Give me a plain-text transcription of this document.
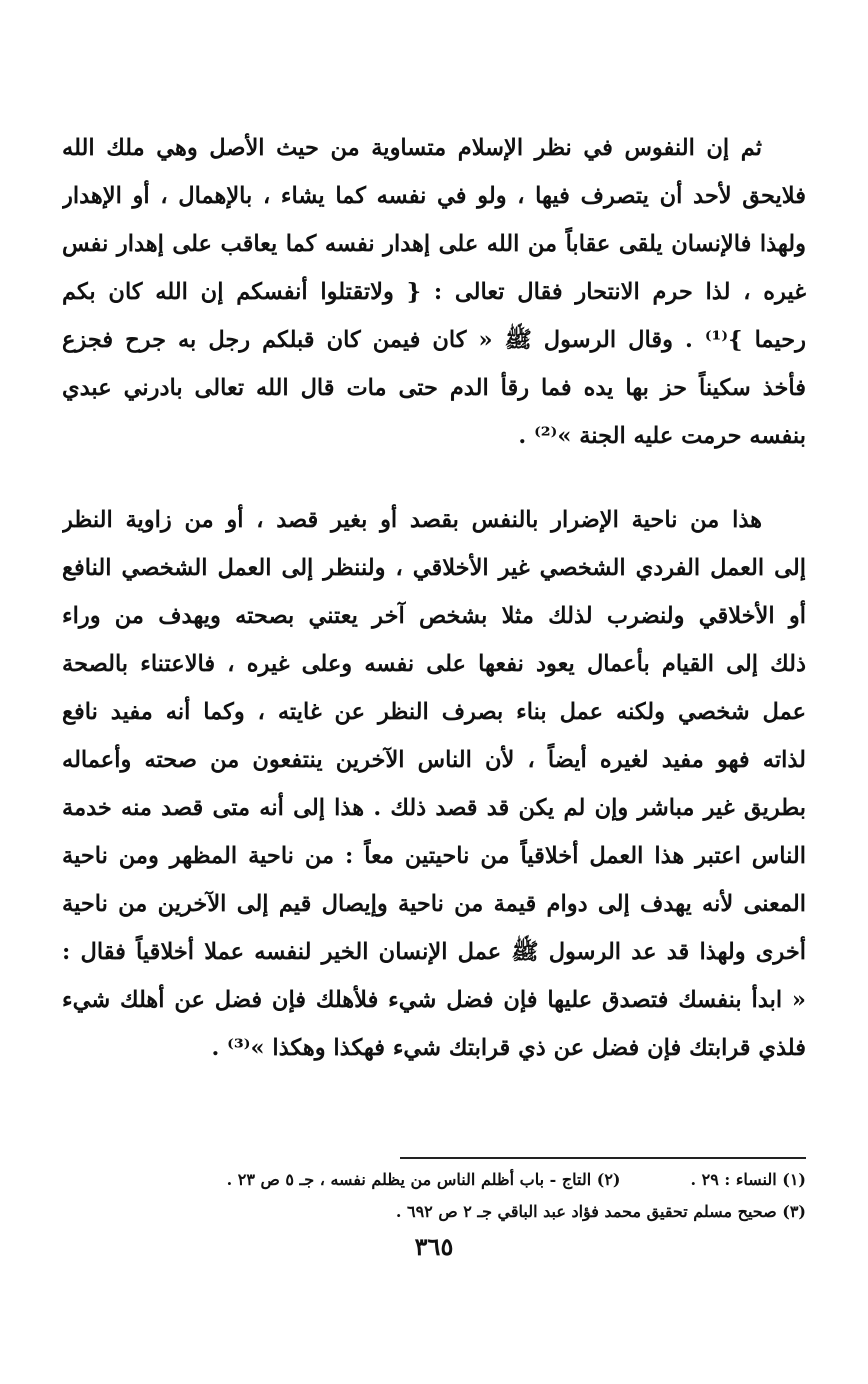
ثم إن النفوس في نظر الإسلام متساوية من حيث الأصل وهي ملك الله
فلايحق لأحد أن يتصرف فيها ، ولو في نفسه كما يشاء ، بالإهمال ، أو الإهدار
ولهذا فالإنسان يلقى عقاباً من الله على إهدار نفسه كما يعاقب على إهدار نفس
غيره ، لذا حرم الانتحار فقال تعالى : { ولاتقتلوا أنفسكم إن الله كان بكم
رحيما }⁽¹⁾ . وقال الرسول ﷺ « كان فيمن كان قبلكم رجل به جرح فجزع
فأخذ سكيناً حز بها يده فما رقأ الدم حتى مات قال الله تعالى بادرني عبدي
بنفسه حرمت عليه الجنة »⁽²⁾ .
هذا من ناحية الإضرار بالنفس بقصد أو بغير قصد ، أو من زاوية النظر
إلى العمل الفردي الشخصي غير الأخلاقي ، ولننظر إلى العمل الشخصي النافع
أو الأخلاقي ولنضرب لذلك مثلا بشخص آخر يعتني بصحته ويهدف من وراء
ذلك إلى القيام بأعمال يعود نفعها على نفسه وعلى غيره ، فالاعتناء بالصحة
عمل شخصي ولكنه عمل بناء بصرف النظر عن غايته ، وكما أنه مفيد نافع
لذاته فهو مفيد لغيره أيضاً ، لأن الناس الآخرين ينتفعون من صحته وأعماله
بطريق غير مباشر وإن لم يكن قد قصد ذلك . هذا إلى أنه متى قصد منه خدمة
الناس اعتبر هذا العمل أخلاقياً من ناحيتين معاً : من ناحية المظهر ومن ناحية
المعنى لأنه يهدف إلى دوام قيمة من ناحية وإيصال قيم إلى الآخرين من ناحية
أخرى ولهذا قد عد الرسول ﷺ عمل الإنسان الخير لنفسه عملا أخلاقياً فقال :
« ابدأ بنفسك فتصدق عليها فإن فضل شيء فلأهلك فإن فضل عن أهلك شيء
فلذي قرابتك فإن فضل عن ذي قرابتك شيء فهكذا وهكذا »⁽³⁾ .
(١) النساء : ٢٩ .
(٢) التاج - باب أظلم الناس من يظلم نفسه ، جـ ٥ ص ٢٣ .
(٣) صحيح مسلم تحقيق محمد فؤاد عبد الباقي جـ ٢ ص ٦٩٢ .
٣٦٥
